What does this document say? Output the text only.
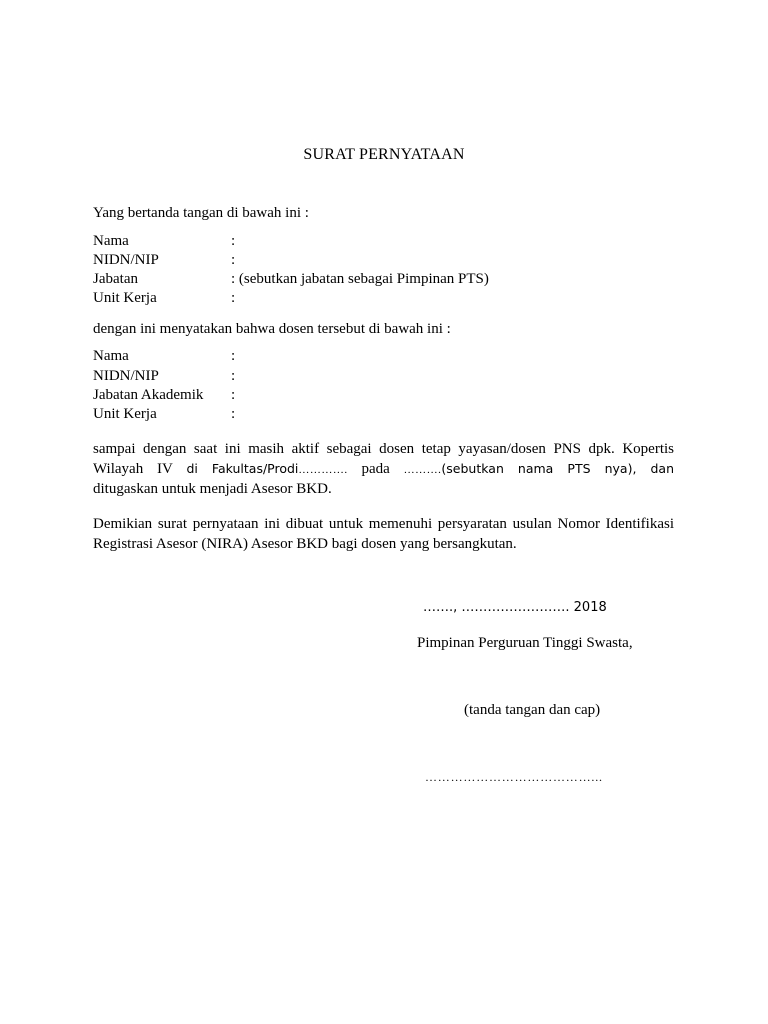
SURAT PERNYATAAN
Yang bertanda tangan di bawah ini :
Nama	:
NIDN/NIP	:
Jabatan	: (sebutkan jabatan sebagai Pimpinan PTS)
Unit Kerja	:
dengan ini menyatakan bahwa dosen tersebut di bawah ini :
Nama	:
NIDN/NIP	:
Jabatan Akademik :
Unit Kerja	:
sampai dengan saat ini masih aktif sebagai dosen tetap yayasan/dosen PNS dpk. Kopertis
Wilayah IV di Fakultas/Prodi…………. pada ……….(sebutkan nama PTS nya), dan
ditugaskan untuk menjadi Asesor BKD.
Demikian surat pernyataan ini dibuat untuk memenuhi persyaratan usulan Nomor Identifikasi
Registrasi Asesor (NIRA) Asesor BKD bagi dosen yang bersangkutan.
……., ……………………. 2018
Pimpinan Perguruan Tinggi Swasta,
(tanda tangan dan cap)
…………………………………...
